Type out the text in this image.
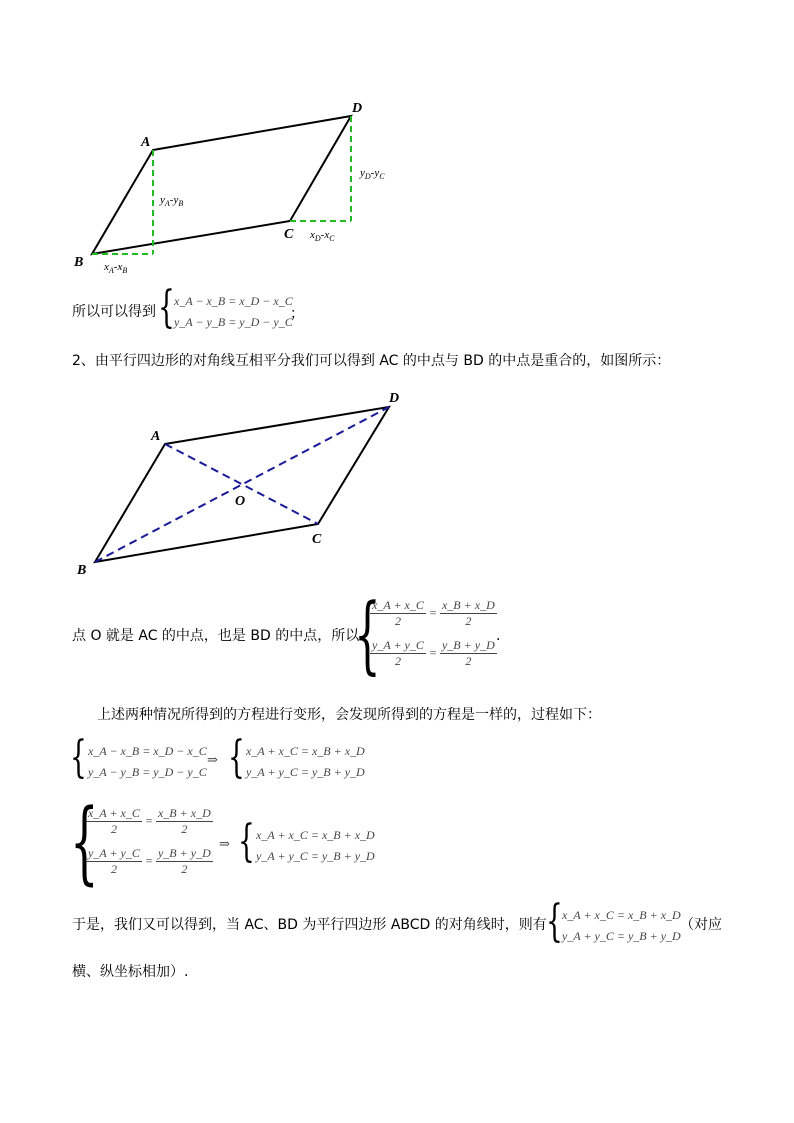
A
B
C
D
$y_A-y_B$
$y_D-y_C$
$x_A-x_B$
$x_D-x_C$
所以可以得到 { x_A − x_B = x_D − x_C
y_A − y_B = y_D − y_C
；
2、由平行四边形的对角线互相平分我们可以得到 AC 的中点与 BD 的中点是重合的，如图所示：
A
B
C
D
O
点 O 就是 AC 的中点，也是 BD 的中点，所以
{
$\frac{x\_A + x\_C}{2} = \frac{x\_B + x\_D}{2}$
$\frac{y\_A + y\_C}{2} = \frac{y\_B + y\_D}{2}$
.
上述两种情况所得到的方程进行变形，会发现所得到的方程是一样的，过程如下：
{ x_A − x_B = x_D − x_C
y_A − y_B = y_D − y_C
⇒ { x_A + x_C = x_B + x_D
y_A + y_C = y_B + y_D
{
$\frac{x\_A + x\_C}{2} = \frac{x\_B + x\_D}{2}$
$\frac{y\_A + y\_C}{2} = \frac{y\_B + y\_D}{2}$
⇒ { x_A + x_C = x_B + x_D
y_A + y_C = y_B + y_D
于是，我们又可以得到，当 AC、BD 为平行四边形 ABCD 的对角线时，则有 { x_A + x_C = x_B + x_D
y_A + y_C = y_B + y_D
（对应
横、纵坐标相加）.
